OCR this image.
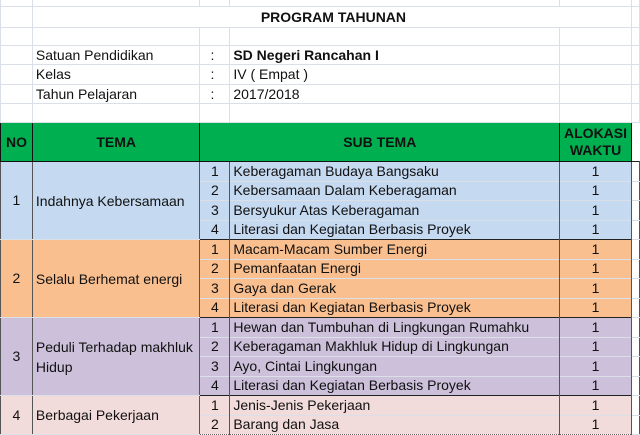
	PROGRAM TAHUNAN				

	Satuan Pendidikan	:	SD Negeri Rancahan I		
	Kelas	:	IV ( Empat )		
	Tahun Pelajaran	:	2017/2018		

NO	TEMA	SUB TEMA		ALOKASI
WAKTU	
1	Indahnya Kebersamaan	1	Keberagaman Budaya Bangsaku	1	
		2	Kebersamaan Dalam Keberagaman	1	
		3	Bersyukur Atas Keberagaman	1	
		4	Literasi dan Kegiatan Berbasis Proyek	1	
2	Selalu Berhemat energi	1	Macam-Macam Sumber Energi	1	
		2	Pemanfaatan Energi	1	
		3	Gaya dan Gerak	1	
		4	Literasi dan Kegiatan Berbasis Proyek	1	
3	Peduli Terhadap makhluk Hidup	1	Hewan dan Tumbuhan di Lingkungan Rumahku	1	
		2	Keberagaman Makhluk Hidup di Lingkungan	1	
		3	Ayo, Cintai Lingkungan	1	
		4	Literasi dan Kegiatan Berbasis Proyek	1	
4	Berbagai Pekerjaan	1	Jenis-Jenis Pekerjaan	1	
		2	Barang dan Jasa	1	
